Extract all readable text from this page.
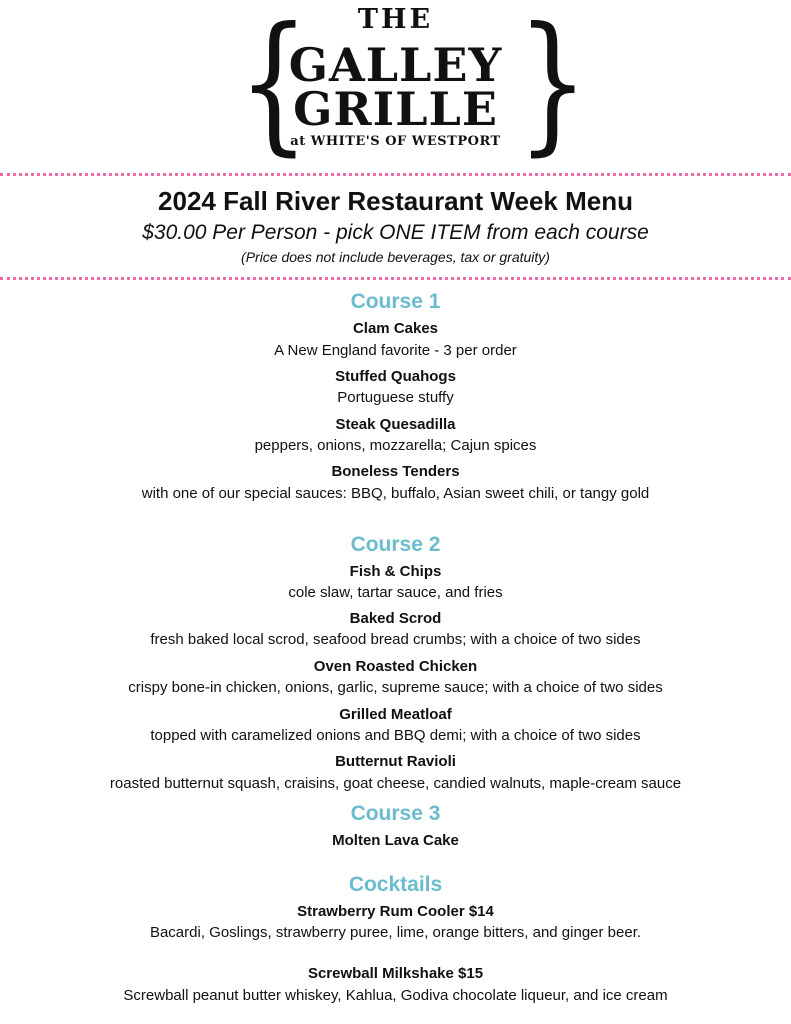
{ }
THE
GALLEY
GRILLE
at WHITE'S OF WESTPORT
2024 Fall River Restaurant Week Menu
$30.00 Per Person - pick ONE ITEM from each course
(Price does not include beverages, tax or gratuity)
Course 1
Clam Cakes
A New England favorite - 3 per order
Stuffed Quahogs
Portuguese stuffy
Steak Quesadilla
peppers, onions, mozzarella; Cajun spices
Boneless Tenders
with one of our special sauces: BBQ, buffalo, Asian sweet chili, or tangy gold
Course 2
Fish & Chips
cole slaw, tartar sauce, and fries
Baked Scrod
fresh baked local scrod, seafood bread crumbs; with a choice of two sides
Oven Roasted Chicken
crispy bone-in chicken, onions, garlic, supreme sauce; with a choice of two sides
Grilled Meatloaf
topped with caramelized onions and BBQ demi; with a choice of two sides
Butternut Ravioli
roasted butternut squash, craisins, goat cheese, candied walnuts, maple-cream sauce
Course 3
Molten Lava Cake
Cocktails
Strawberry Rum Cooler $14
Bacardi, Goslings, strawberry puree, lime, orange bitters, and ginger beer.
Screwball Milkshake $15
Screwball peanut butter whiskey, Kahlua, Godiva chocolate liqueur, and ice cream
